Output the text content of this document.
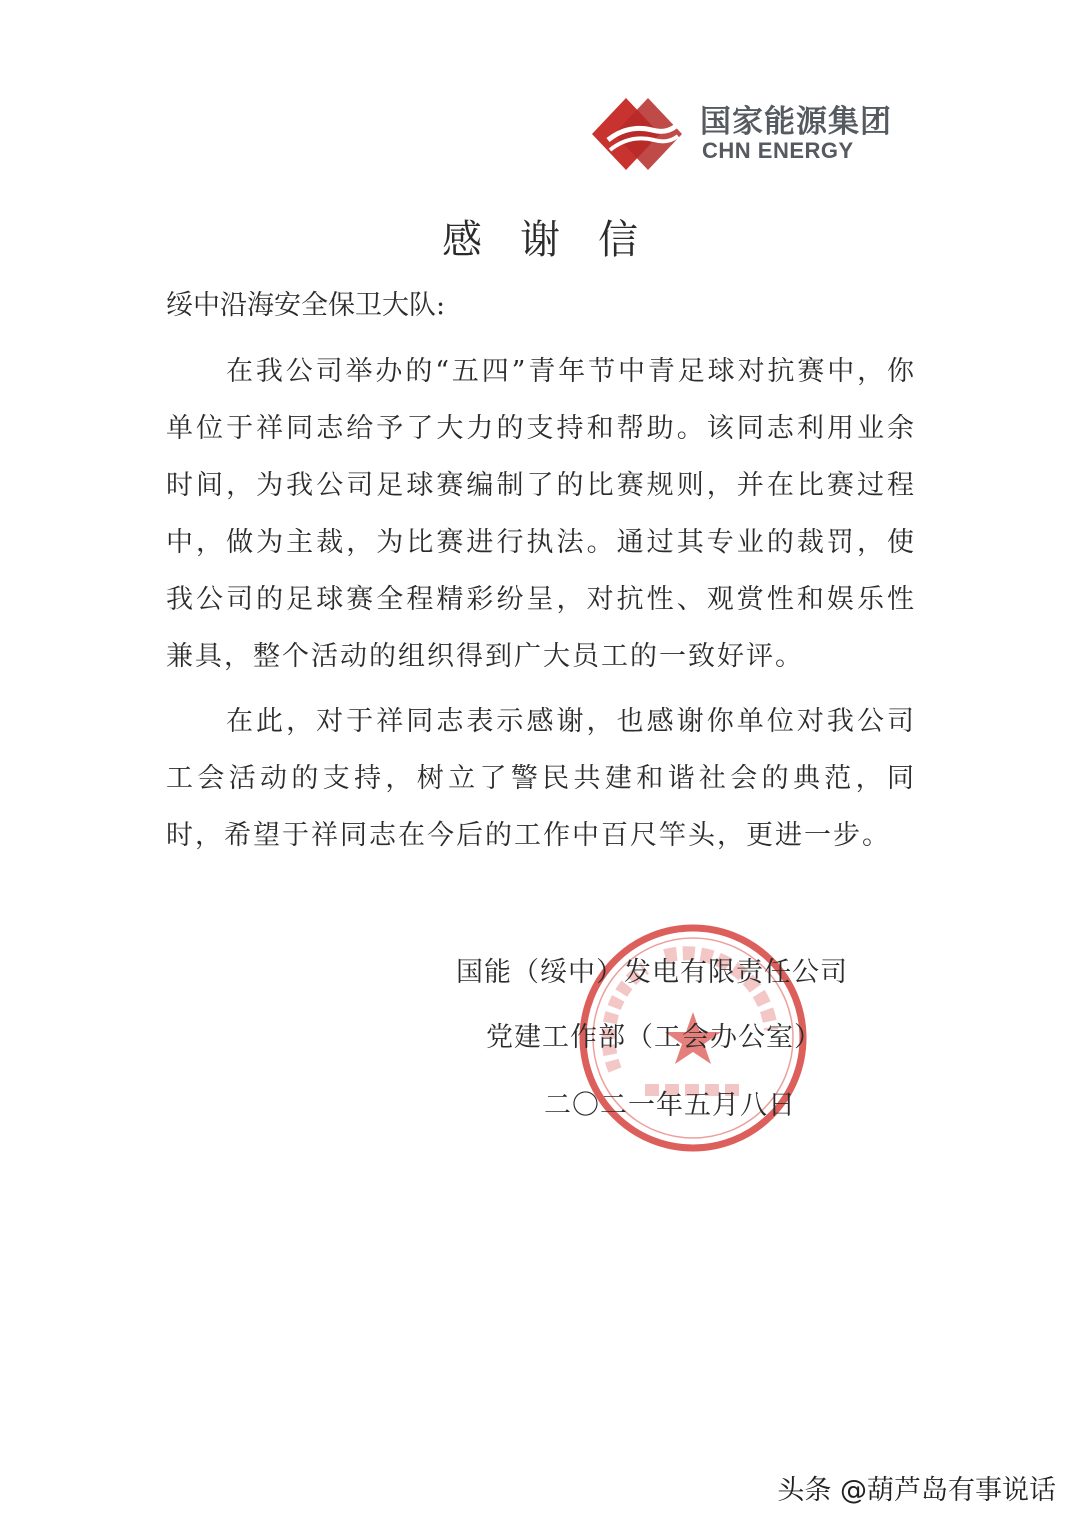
国家能源集团
CHN ENERGY
感谢信
绥中沿海安全保卫大队:

在我公司举办的“五四”青年节中青足球对抗赛中，你单位于祥同志给予了大力的支持和帮助。该同志利用业余时间，为我公司足球赛编制了的比赛规则，并在比赛过程中，做为主裁，为比赛进行执法。通过其专业的裁罚，使我公司的足球赛全程精彩纷呈，对抗性、观赏性和娱乐性兼具，整个活动的组织得到广大员工的一致好评。

在此，对于祥同志表示感谢，也感谢你单位对我公司工会活动的支持，树立了警民共建和谐社会的典范，同时，希望于祥同志在今后的工作中百尺竿头，更进一步。

国能（绥中）发电有限责任公司
党建工作部（工会办公室）
二〇二一年五月八日
头条 @葫芦岛有事说话
